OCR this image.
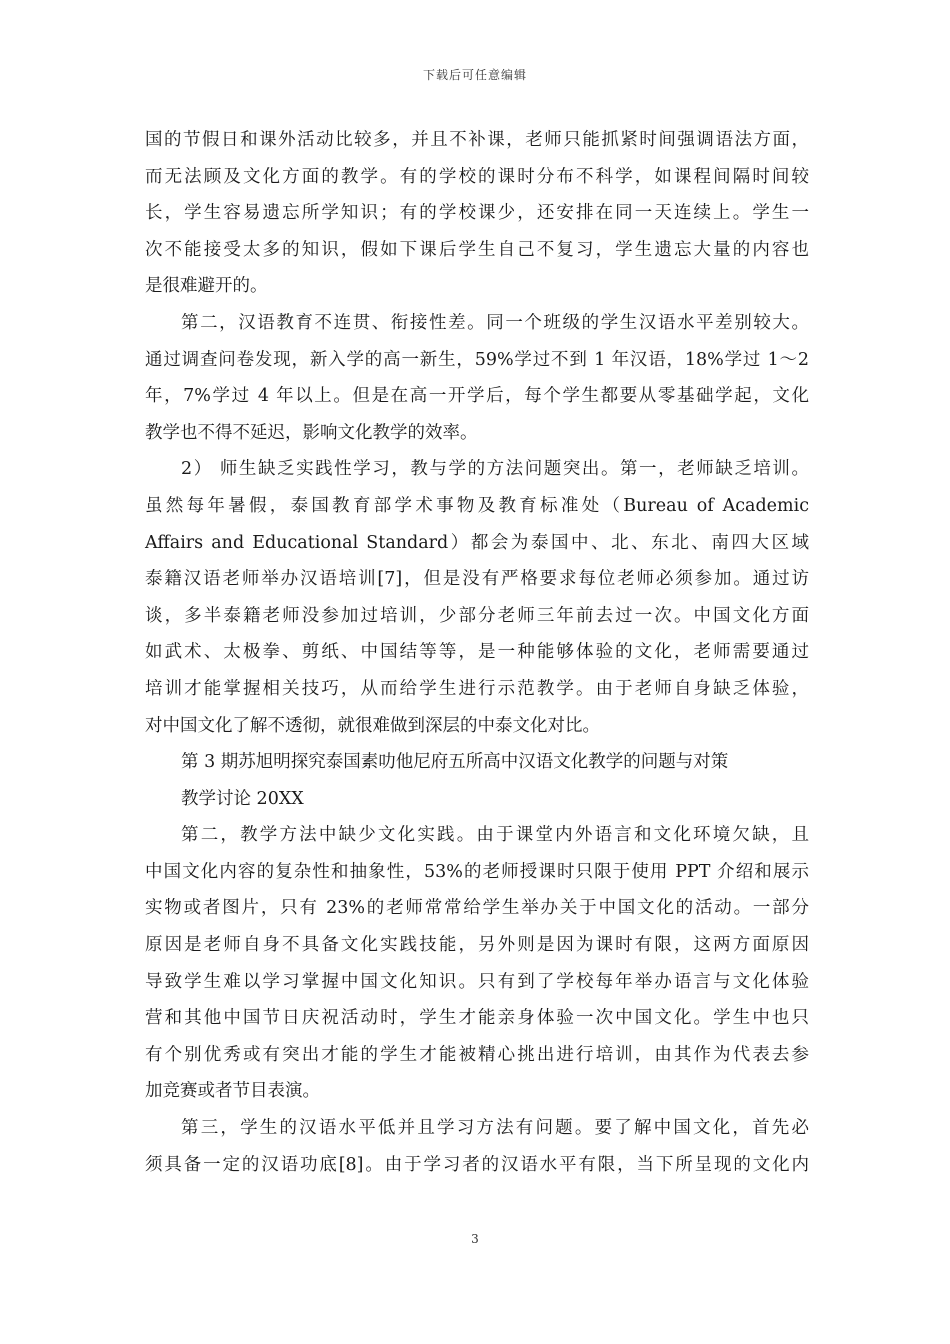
下载后可任意编辑
国的节假日和课外活动比较多，并且不补课，老师只能抓紧时间强调语法方面，
而无法顾及文化方面的教学。有的学校的课时分布不科学，如课程间隔时间较
长，学生容易遗忘所学知识；有的学校课少，还安排在同一天连续上。学生一
次不能接受太多的知识，假如下课后学生自己不复习，学生遗忘大量的内容也
是很难避开的。
第二，汉语教育不连贯、衔接性差。同一个班级的学生汉语水平差别较大。
通过调查问卷发现，新入学的高一新生，59%学过不到 1 年汉语，18%学过 1～2
年，7%学过 4 年以上。但是在高一开学后，每个学生都要从零基础学起，文化
教学也不得不延迟，影响文化教学的效率。
2） 师生缺乏实践性学习，教与学的方法问题突出。第一，老师缺乏培训。
虽然每年暑假，泰国教育部学术事物及教育标准处（Bureau of Academic
Affairs and Educational Standard）都会为泰国中、北、东北、南四大区域
泰籍汉语老师举办汉语培训[7]，但是没有严格要求每位老师必须参加。通过访
谈，多半泰籍老师没参加过培训，少部分老师三年前去过一次。中国文化方面
如武术、太极拳、剪纸、中国结等等，是一种能够体验的文化，老师需要通过
培训才能掌握相关技巧，从而给学生进行示范教学。由于老师自身缺乏体验，
对中国文化了解不透彻，就很难做到深层的中泰文化对比。
第 3 期苏旭明探究泰国素叻他尼府五所高中汉语文化教学的问题与对策
教学讨论 20XX
第二，教学方法中缺少文化实践。由于课堂内外语言和文化环境欠缺，且
中国文化内容的复杂性和抽象性，53%的老师授课时只限于使用 PPT 介绍和展示
实物或者图片，只有 23%的老师常常给学生举办关于中国文化的活动。一部分
原因是老师自身不具备文化实践技能，另外则是因为课时有限，这两方面原因
导致学生难以学习掌握中国文化知识。只有到了学校每年举办语言与文化体验
营和其他中国节日庆祝活动时，学生才能亲身体验一次中国文化。学生中也只
有个别优秀或有突出才能的学生才能被精心挑出进行培训，由其作为代表去参
加竞赛或者节目表演。
第三，学生的汉语水平低并且学习方法有问题。要了解中国文化，首先必
须具备一定的汉语功底[8]。由于学习者的汉语水平有限，当下所呈现的文化内
3
